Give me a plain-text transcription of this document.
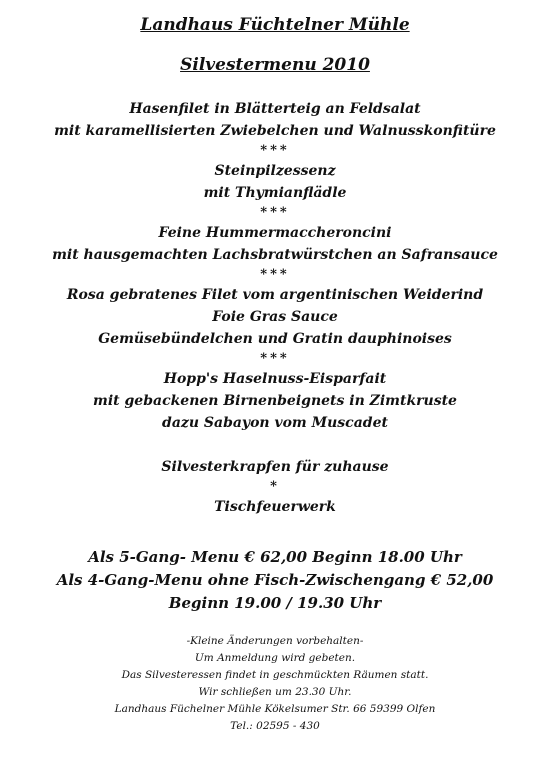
Landhaus Füchtelner Mühle
Silvestermenu 2010

Hasenfilet in Blätterteig an Feldsalat

mit karamellisierten Zwiebelchen und Walnusskonfitüre

***

Steinpilzessenz

mit Thymianflädle

***

Feine Hummermaccheroncini

mit hausgemachten Lachsbratwürstchen an Safransauce

***

Rosa gebratenes Filet vom argentinischen Weiderind

Foie Gras Sauce

Gemüsebündelchen und Gratin dauphinoises

***

Hopp's Haselnuss-Eisparfait

mit gebackenen Birnenbeignets in Zimtkruste

dazu Sabayon vom Muscadet

Silvesterkrapfen für zuhause

*

Tischfeuerwerk

Als 5-Gang- Menu € 62,00 Beginn 18.00 Uhr

Als 4-Gang-Menu ohne Fisch-Zwischengang € 52,00

Beginn 19.00 / 19.30 Uhr

-Kleine Änderungen vorbehalten-

Um Anmeldung wird gebeten.

Das Silvesteressen findet in geschmückten Räumen statt.

Wir schließen um 23.30 Uhr.

Landhaus Füchelner Mühle Kökelsumer Str. 66 59399 Olfen

Tel.: 02595 - 430
